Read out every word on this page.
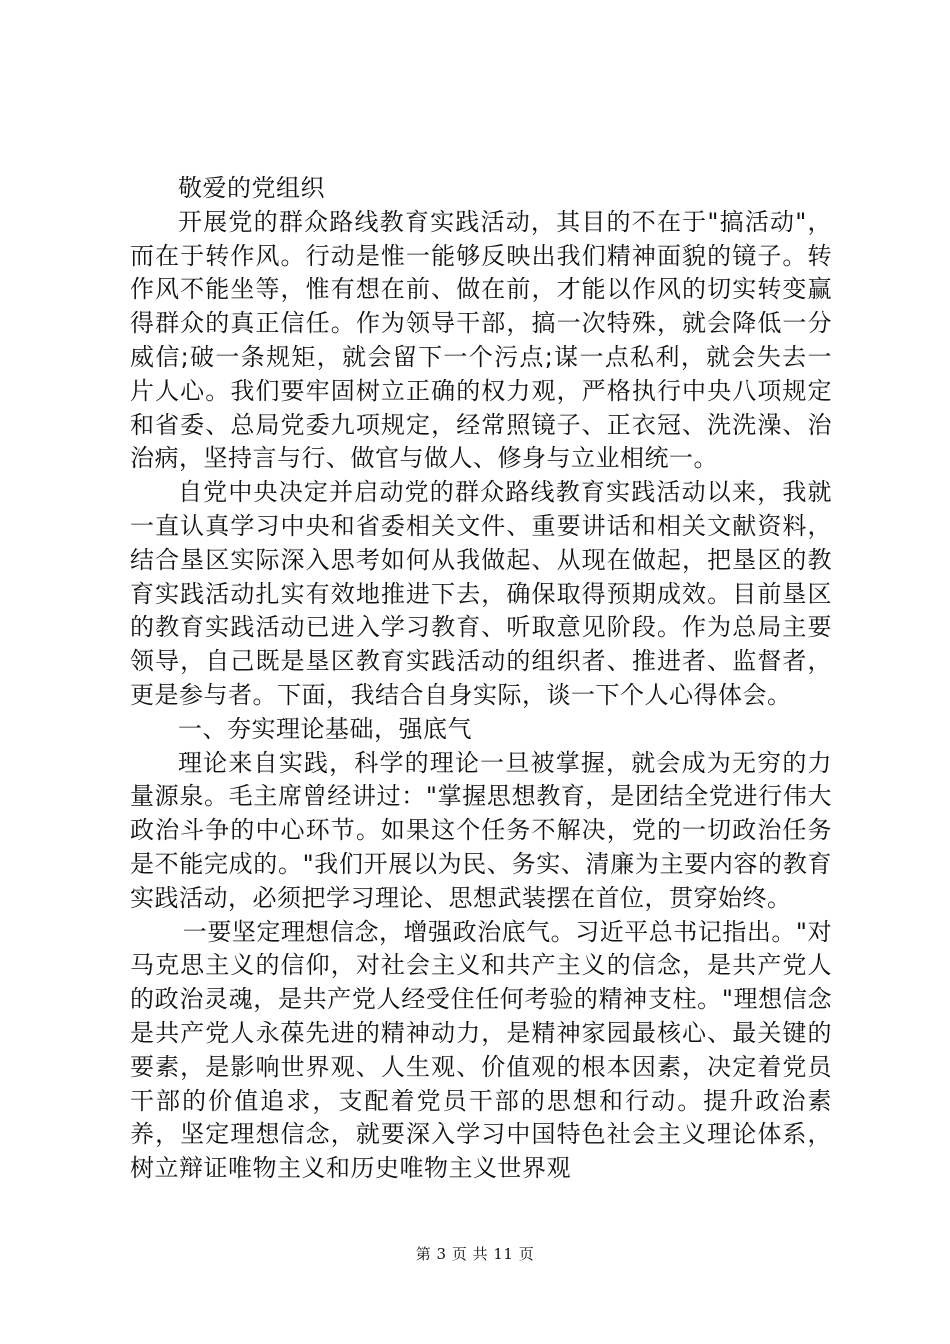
敬爱的党组织

开展党的群众路线教育实践活动，其目的不在于"搞活动"，而在于转作风。行动是惟一能够反映出我们精神面貌的镜子。转作风不能坐等，惟有想在前、做在前，才能以作风的切实转变赢得群众的真正信任。作为领导干部，搞一次特殊，就会降低一分威信;破一条规矩，就会留下一个污点;谋一点私利，就会失去一片人心。我们要牢固树立正确的权力观，严格执行中央八项规定和省委、总局党委九项规定，经常照镜子、正衣冠、洗洗澡、治治病，坚持言与行、做官与做人、修身与立业相统一。

自党中央决定并启动党的群众路线教育实践活动以来，我就一直认真学习中央和省委相关文件、重要讲话和相关文献资料，结合垦区实际深入思考如何从我做起、从现在做起，把垦区的教育实践活动扎实有效地推进下去，确保取得预期成效。目前垦区的教育实践活动已进入学习教育、听取意见阶段。作为总局主要领导，自己既是垦区教育实践活动的组织者、推进者、监督者，更是参与者。下面，我结合自身实际，谈一下个人心得体会。

一、夯实理论基础，强底气

理论来自实践，科学的理论一旦被掌握，就会成为无穷的力量源泉。毛主席曾经讲过："掌握思想教育，是团结全党进行伟大政治斗争的中心环节。如果这个任务不解决，党的一切政治任务是不能完成的。"我们开展以为民、务实、清廉为主要内容的教育实践活动，必须把学习理论、思想武装摆在首位，贯穿始终。

一要坚定理想信念，增强政治底气。习近平总书记指出。"对马克思主义的信仰，对社会主义和共产主义的信念，是共产党人的政治灵魂，是共产党人经受住任何考验的精神支柱。"理想信念是共产党人永葆先进的精神动力，是精神家园最核心、最关键的要素，是影响世界观、人生观、价值观的根本因素，决定着党员干部的价值追求，支配着党员干部的思想和行动。提升政治素养，坚定理想信念，就要深入学习中国特色社会主义理论体系，树立辩证唯物主义和历史唯物主义世界观

第 3 页 共 11 页
